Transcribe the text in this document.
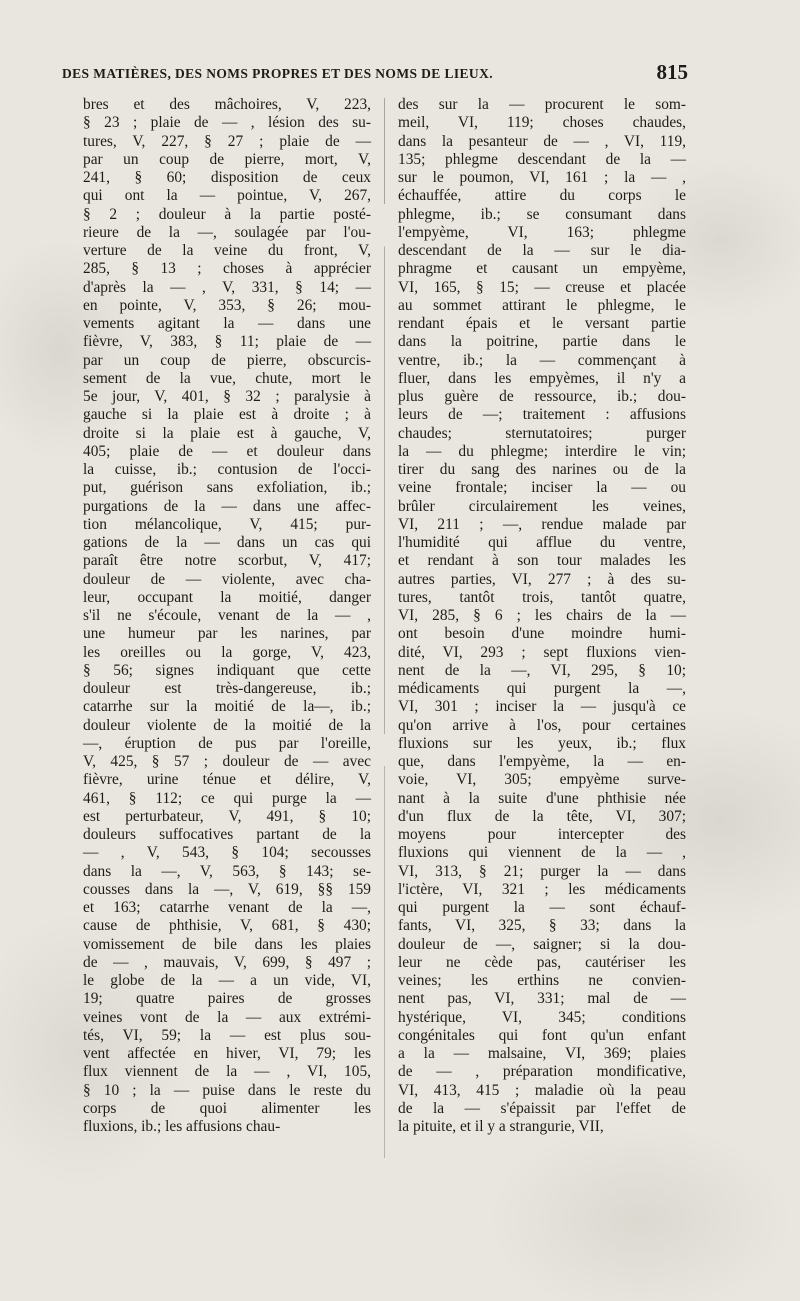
DES MATIÈRES, DES NOMS PROPRES ET DES NOMS DE LIEUX.	815
bres et des mâchoires, V, 223,
§ 23 ; plaie de — , lésion des su-
tures, V, 227, § 27 ; plaie de —
par un coup de pierre, mort, V,
241, § 60; disposition de ceux
qui ont la — pointue, V, 267,
§ 2 ; douleur à la partie posté-
rieure de la —, soulagée par l'ou-
verture de la veine du front, V,
285, § 13 ; choses à apprécier
d'après la — , V, 331, § 14; —
en pointe, V, 353, § 26; mou-
vements agitant la — dans une
fièvre, V, 383, § 11; plaie de —
par un coup de pierre, obscurcis-
sement de la vue, chute, mort le
5e jour, V, 401, § 32 ; paralysie à
gauche si la plaie est à droite ; à
droite si la plaie est à gauche, V,
405; plaie de — et douleur dans
la cuisse, ib.; contusion de l'occi-
put, guérison sans exfoliation, ib.;
purgations de la — dans une affec-
tion mélancolique, V, 415; pur-
gations de la — dans un cas qui
paraît être notre scorbut, V, 417;
douleur de — violente, avec cha-
leur, occupant la moitié, danger
s'il ne s'écoule, venant de la — ,
une humeur par les narines, par
les oreilles ou la gorge, V, 423,
§ 56; signes indiquant que cette
douleur est très-dangereuse, ib.;
catarrhe sur la moitié de la—, ib.;
douleur violente de la moitié de la
—, éruption de pus par l'oreille,
V, 425, § 57 ; douleur de — avec
fièvre, urine ténue et délire, V,
461, § 112; ce qui purge la —
est perturbateur, V, 491, § 10;
douleurs suffocatives partant de la
— , V, 543, § 104; secousses
dans la —, V, 563, § 143; se-
cousses dans la —, V, 619, §§ 159
et 163; catarrhe venant de la —,
cause de phthisie, V, 681, § 430;
vomissement de bile dans les plaies
de — , mauvais, V, 699, § 497 ;
le globe de la — a un vide, VI,
19; quatre paires de grosses
veines vont de la — aux extrémi-
tés, VI, 59; la — est plus sou-
vent affectée en hiver, VI, 79; les
flux viennent de la — , VI, 105,
§ 10 ; la — puise dans le reste du
corps de quoi alimenter les
fluxions, ib.; les affusions chau-
des sur la — procurent le som-
meil, VI, 119; choses chaudes,
dans la pesanteur de — , VI, 119,
135; phlegme descendant de la —
sur le poumon, VI, 161 ; la — ,
échauffée, attire du corps le
phlegme, ib.; se consumant dans
l'empyème, VI, 163; phlegme
descendant de la — sur le dia-
phragme et causant un empyème,
VI, 165, § 15; — creuse et placée
au sommet attirant le phlegme, le
rendant épais et le versant partie
dans la poitrine, partie dans le
ventre, ib.; la — commençant à
fluer, dans les empyèmes, il n'y a
plus guère de ressource, ib.; dou-
leurs de —; traitement : affusions
chaudes; sternutatoires; purger
la — du phlegme; interdire le vin;
tirer du sang des narines ou de la
veine frontale; inciser la — ou
brûler circulairement les veines,
VI, 211 ; —, rendue malade par
l'humidité qui afflue du ventre,
et rendant à son tour malades les
autres parties, VI, 277 ; à des su-
tures, tantôt trois, tantôt quatre,
VI, 285, § 6 ; les chairs de la —
ont besoin d'une moindre humi-
dité, VI, 293 ; sept fluxions vien-
nent de la —, VI, 295, § 10;
médicaments qui purgent la —,
VI, 301 ; inciser la — jusqu'à ce
qu'on arrive à l'os, pour certaines
fluxions sur les yeux, ib.; flux
que, dans l'empyème, la — en-
voie, VI, 305; empyème surve-
nant à la suite d'une phthisie née
d'un flux de la tête, VI, 307;
moyens pour intercepter des
fluxions qui viennent de la — ,
VI, 313, § 21; purger la — dans
l'ictère, VI, 321 ; les médicaments
qui purgent la — sont échauf-
fants, VI, 325, § 33; dans la
douleur de —, saigner; si la dou-
leur ne cède pas, cautériser les
veines; les erthins ne convien-
nent pas, VI, 331; mal de —
hystérique, VI, 345; conditions
congénitales qui font qu'un enfant
a la — malsaine, VI, 369; plaies
de — , préparation mondificative,
VI, 413, 415 ; maladie où la peau
de la — s'épaissit par l'effet de
la pituite, et il y a strangurie, VII,
